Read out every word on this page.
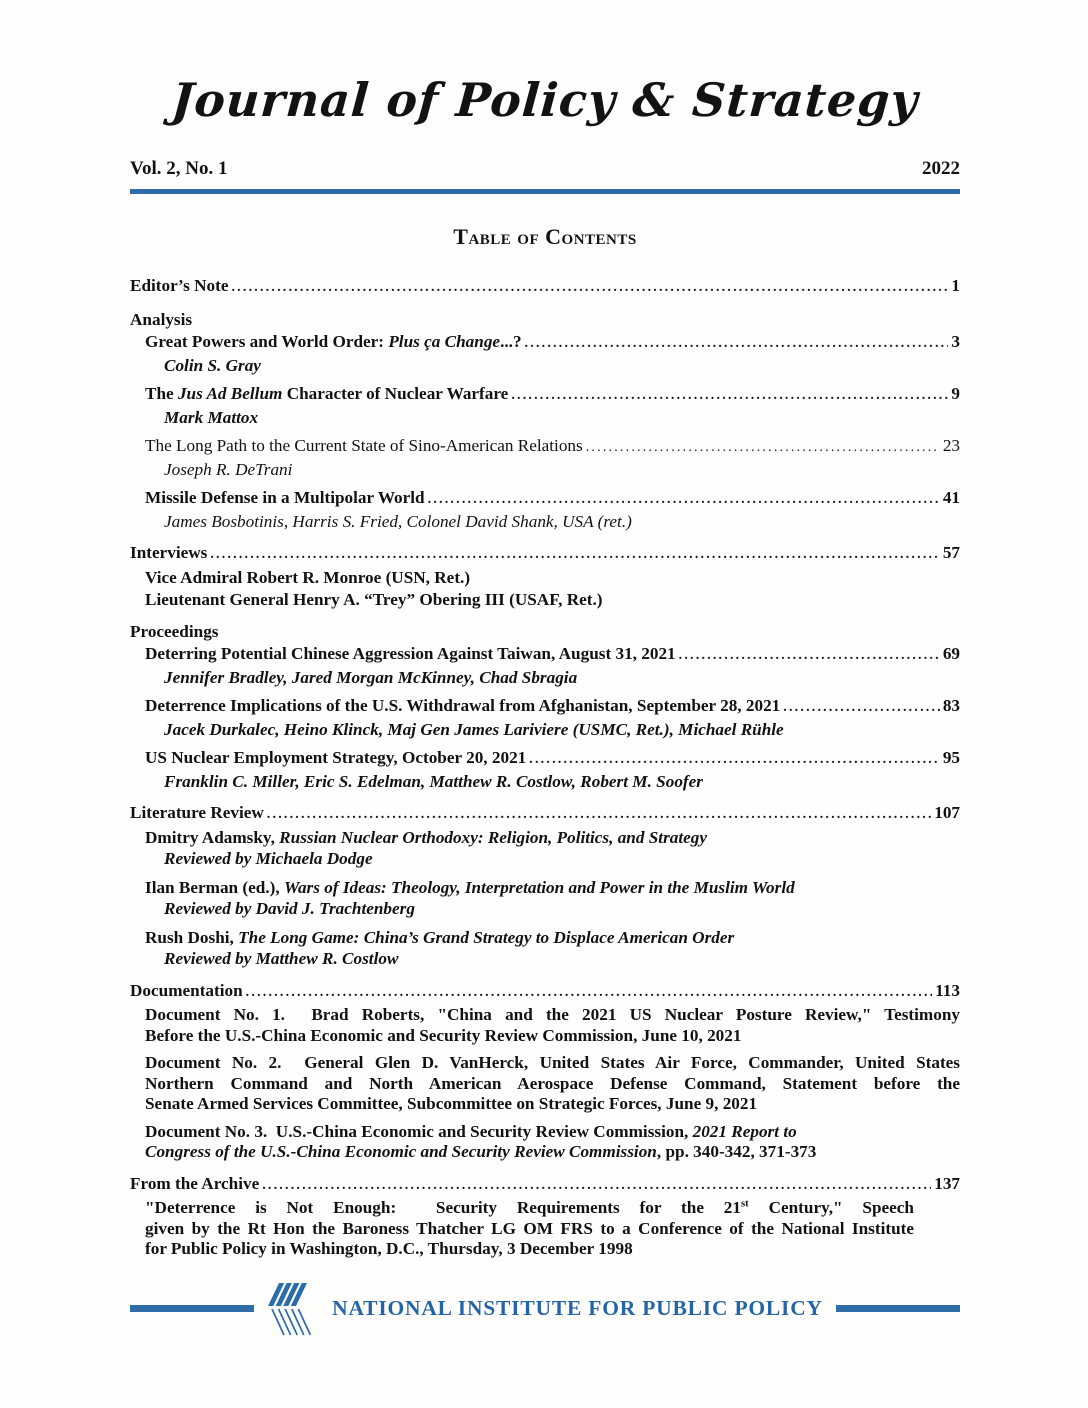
Journal of Policy & Strategy
Vol. 2, No. 1	2022
Table of Contents
Editor’s Note .....	1
Analysis
Great Powers and World Order: Plus ça Change...? .....	3
Colin S. Gray
The Jus Ad Bellum Character of Nuclear Warfare .....	9
Mark Mattox
The Long Path to the Current State of Sino-American Relations .....	23
Joseph R. DeTrani
Missile Defense in a Multipolar World .....	41
James Bosbotinis, Harris S. Fried, Colonel David Shank, USA (ret.)
Interviews .....	57
Vice Admiral Robert R. Monroe (USN, Ret.)
Lieutenant General Henry A. “Trey” Obering III (USAF, Ret.)
Proceedings
Deterring Potential Chinese Aggression Against Taiwan, August 31, 2021 .....	69
Jennifer Bradley, Jared Morgan McKinney, Chad Sbragia
Deterrence Implications of the U.S. Withdrawal from Afghanistan, September 28, 2021 .....	83
Jacek Durkalec, Heino Klinck, Maj Gen James Lariviere (USMC, Ret.), Michael Rühle
US Nuclear Employment Strategy, October 20, 2021 .....	95
Franklin C. Miller, Eric S. Edelman, Matthew R. Costlow, Robert M. Soofer
Literature Review .....	107
Dmitry Adamsky, Russian Nuclear Orthodoxy: Religion, Politics, and Strategy
Reviewed by Michaela Dodge
Ilan Berman (ed.), Wars of Ideas: Theology, Interpretation and Power in the Muslim World
Reviewed by David J. Trachtenberg
Rush Doshi, The Long Game: China’s Grand Strategy to Displace American Order
Reviewed by Matthew R. Costlow
Documentation .....	113
Document No. 1.  Brad Roberts, "China and the 2021 US Nuclear Posture Review," Testimony
Before the U.S.-China Economic and Security Review Commission, June 10, 2021
Document No. 2.  General Glen D. VanHerck, United States Air Force, Commander, United States
Northern Command and North American Aerospace Defense Command, Statement before the
Senate Armed Services Committee, Subcommittee on Strategic Forces, June 9, 2021
Document No. 3.  U.S.-China Economic and Security Review Commission, 2021 Report to
Congress of the U.S.-China Economic and Security Review Commission, pp. 340-342, 371-373
From the Archive .....	137
"Deterrence is Not Enough:  Security Requirements for the 21st Century," Speech
given by the Rt Hon the Baroness Thatcher LG OM FRS to a Conference of the National Institute
for Public Policy in Washington, D.C., Thursday, 3 December 1998
NATIONAL INSTITUTE FOR PUBLIC POLICY
